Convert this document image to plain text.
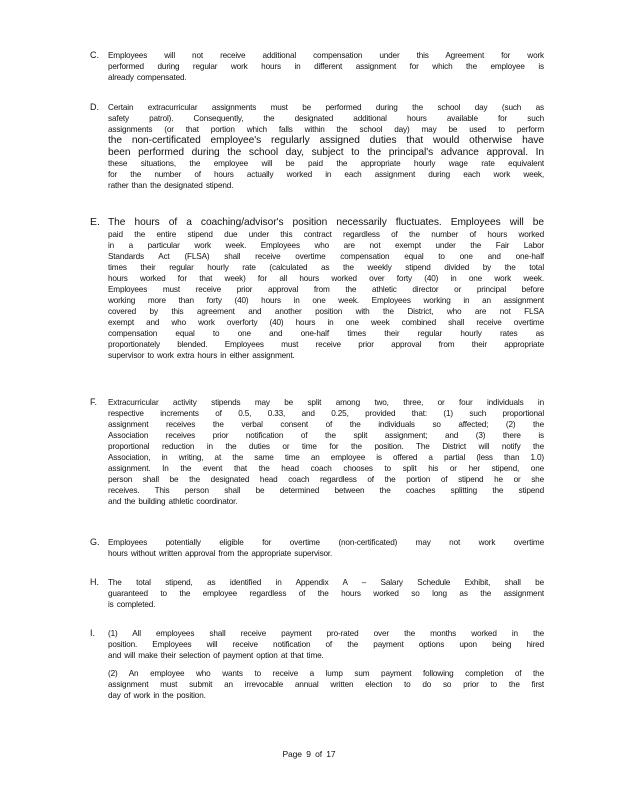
C.	Employees will not receive additional compensation under this Agreement for work
performed during regular work hours in different assignment for which the employee is
already compensated.
D.	Certain extracurricular assignments must be performed during the school day (such as
safety patrol). Consequently, the designated additional hours available for such
assignments (or that portion which falls within the school day) may be used to perform
the non-certificated employee's regularly assigned duties that would otherwise have
been performed during the school day, subject to the principal's advance approval. In
these situations, the employee will be paid the appropriate hourly wage rate equivalent
for the number of hours actually worked in each assignment during each work week,
rather than the designated stipend.
E. The hours of a coaching/advisor's position necessarily fluctuates. Employees will be
paid the entire stipend due under this contract regardless of the number of hours worked
in a particular work week. Employees who are not exempt under the Fair Labor
Standards Act (FLSA) shall receive overtime compensation equal to one and one-half
times their regular hourly rate (calculated as the weekly stipend divided by the total
hours worked for that week) for all hours worked over forty (40) in one work week.
Employees must receive prior approval from the athletic director or principal before
working more than forty (40) hours in one week. Employees working in an assignment
covered by this agreement and another position with the District, who are not FLSA
exempt and who work overforty (40) hours in one week combined shall receive overtime
compensation equal to one and one-half times their regular hourly rates as
proportionately blended. Employees must receive prior approval from their appropriate
supervisor to work extra hours in either assignment.
F.	Extracurricular activity stipends may be split among two, three, or four individuals in
respective increments of 0.5, 0.33, and 0.25, provided that: (1) such proportional
assignment receives the verbal consent of the individuals so affected; (2) the
Association receives prior notification of the split assignment; and (3) there is
proportional reduction in the duties or time for the position. The District will notify the
Association, in writing, at the same time an employee is offered a partial (less than 1.0)
assignment. In the event that the head coach chooses to split his or her stipend, one
person shall be the designated head coach regardless of the portion of stipend he or she
receives. This person shall be determined between the coaches splitting the stipend
and the building athletic coordinator.
G.	Employees potentially eligible for overtime (non-certificated) may not work overtime
hours without written approval from the appropriate supervisor.
H.	The total stipend, as identified in Appendix A – Salary Schedule Exhibit, shall be
guaranteed to the employee regardless of the hours worked so long as the assignment
is completed.
I.	(1) All employees shall receive payment pro-rated over the months worked in the
position. Employees will receive notification of the payment options upon being hired
and will make their selection of payment option at that time.
(2) An employee who wants to receive a lump sum payment following completion of the
assignment must submit an irrevocable annual written election to do so prior to the first
day of work in the position.
Page 9 of 17
